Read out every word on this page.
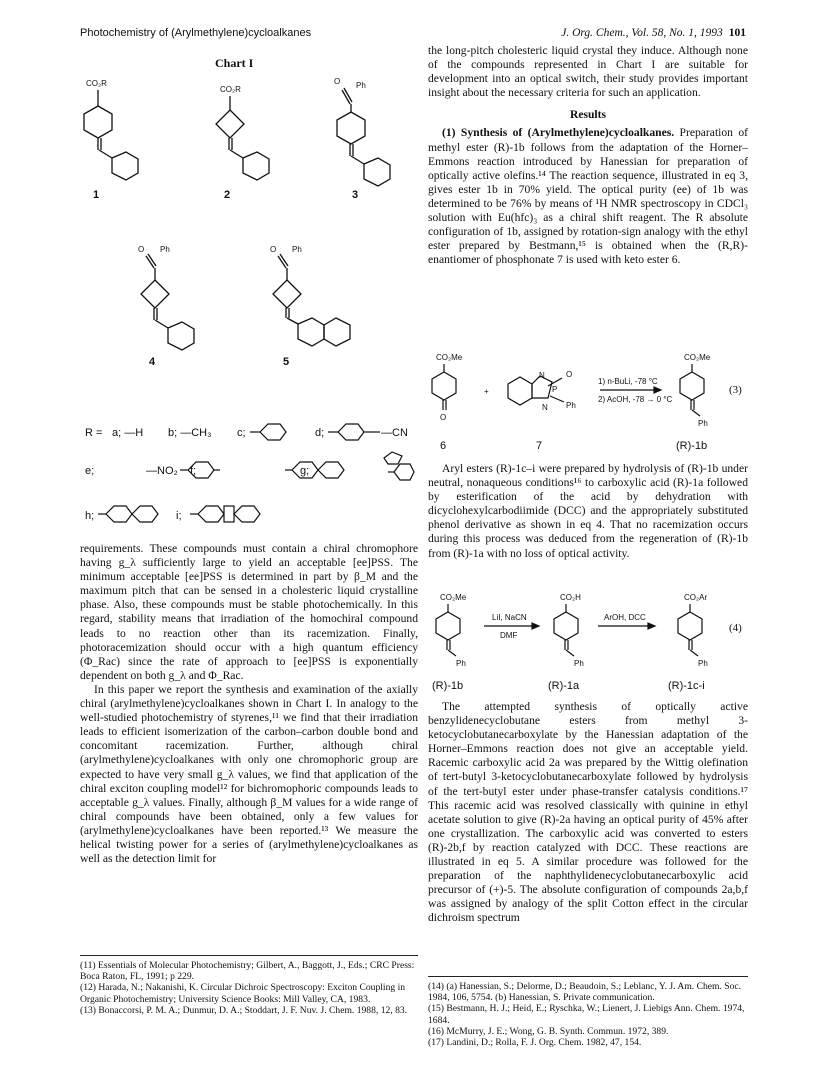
Photochemistry of (Arylmethylene)cycloalkanes	J. Org. Chem., Vol. 58, No. 1, 1993 101
Chart I
CO₂R
CO₂R
O Ph
O Ph	O Ph
1	2	3
4	5
R = a; —H b; —CH₃ c;	d;	—CN
e;	—NO₂ f;	g;
h;	i;

requirements. These compounds must contain a chiral chromophore having g_λ sufficiently large to yield an acceptable [ee]PSS. The minimum acceptable [ee]PSS is determined in part by β_M and the maximum pitch that can be sensed in a cholesteric liquid crystalline phase. Also, these compounds must be stable photochemically. In this regard, stability means that irradiation of the homochiral compound leads to no reaction other than its racemization. Finally, photoracemization should occur with a high quantum efficiency (Φ_Rac) since the rate of approach to [ee]PSS is exponentially dependent on both g_λ and Φ_Rac.

In this paper we report the synthesis and examination of the axially chiral (arylmethylene)cycloalkanes shown in Chart I. In analogy to the well-studied photochemistry of styrenes,¹¹ we find that their irradiation leads to efficient isomerization of the carbon–carbon double bond and concomitant racemization. Further, although chiral (arylmethylene)cycloalkanes with only one chromophoric group are expected to have very small g_λ values, we find that application of the chiral exciton coupling model¹² for bichromophoric compounds leads to acceptable g_λ values. Finally, although β_M values for a wide range of chiral compounds have been obtained, only a few values for (arylmethylene)cycloalkanes have been reported.¹³ We measure the helical twisting power for a series of (arylmethylene)cycloalkanes as well as the detection limit for

the long-pitch cholesteric liquid crystal they induce. Although none of the compounds represented in Chart I are suitable for development into an optical switch, their study provides important insight about the necessary criteria for such an application.

Results

(1) Synthesis of (Arylmethylene)cycloalkanes. Preparation of methyl ester (R)-1b follows from the adaptation of the Horner–Emmons reaction introduced by Hanessian for preparation of optically active olefins.¹⁴ The reaction sequence, illustrated in eq 3, gives ester 1b in 70% yield. The optical purity (ee) of 1b was determined to be 76% by means of ¹H NMR spectroscopy in CDCl₃ solution with Eu(hfc)₃ as a chiral shift reagent. The R absolute configuration of 1b, assigned by rotation-sign analogy with the ethyl ester prepared by Bestmann,¹⁵ is obtained when the (R,R)-enantiomer of phosphonate 7 is used with keto ester 6.

CO₂Me
O
+
N
P
O
N Ph
1) n-BuLi, -78 °C
2) AcOH, -78 → 0 °C
CO₂Me
Ph
(3)
6	7	(R)-1b

Aryl esters (R)-1c–i were prepared by hydrolysis of (R)-1b under neutral, nonaqueous conditions¹⁶ to carboxylic acid (R)-1a followed by esterification of the acid by dehydration with dicyclohexylcarbodiimide (DCC) and the appropriately substituted phenol derivative as shown in eq 4. That no racemization occurs during this process was deduced from the regeneration of (R)-1b from (R)-1a with no loss of optical activity.

CO₂Me
Ph
LiI, NaCN
DMF
CO₂H
Ph
ArOH, DCC
CO₂Ar
Ph
(4)
(R)-1b	(R)-1a	(R)-1c-i

The attempted synthesis of optically active benzylidenecyclobutane esters from methyl 3-ketocyclobutanecarboxylate by the Hanessian adaptation of the Horner–Emmons reaction does not give an acceptable yield. Racemic carboxylic acid 2a was prepared by the Wittig olefination of tert-butyl 3-ketocyclobutanecarboxylate followed by hydrolysis of the tert-butyl ester under phase-transfer catalysis conditions.¹⁷ This racemic acid was resolved classically with quinine in ethyl acetate solution to give (R)-2a having an optical purity of 45% after one crystallization. The carboxylic acid was converted to esters (R)-2b,f by reaction catalyzed with DCC. These reactions are illustrated in eq 5. A similar procedure was followed for the preparation of the naphthylidenecyclobutanecarboxylic acid precursor of (+)-5. The absolute configuration of compounds 2a,b,f was assigned by analogy of the split Cotton effect in the circular dichroism spectrum

(11) Essentials of Molecular Photochemistry; Gilbert, A., Baggott, J., Eds.; CRC Press: Boca Raton, FL, 1991; p 229.
(12) Harada, N.; Nakanishi, K. Circular Dichroic Spectroscopy: Exciton Coupling in Organic Photochemistry; University Science Books: Mill Valley, CA, 1983.
(13) Bonaccorsi, P. M. A.; Dunmur, D. A.; Stoddart, J. F. Nuv. J. Chem. 1988, 12, 83.
(14) (a) Hanessian, S.; Delorme, D.; Beaudoin, S.; Leblanc, Y. J. Am. Chem. Soc. 1984, 106, 5754. (b) Hanessian, S. Private communication.
(15) Bestmann, H. J.; Heid, E.; Ryschka, W.; Lienert, J. Liebigs Ann. Chem. 1974, 1684.
(16) McMurry, J. E.; Wong, G. B. Synth. Commun. 1972, 389.
(17) Landini, D.; Rolla, F. J. Org. Chem. 1982, 47, 154.
